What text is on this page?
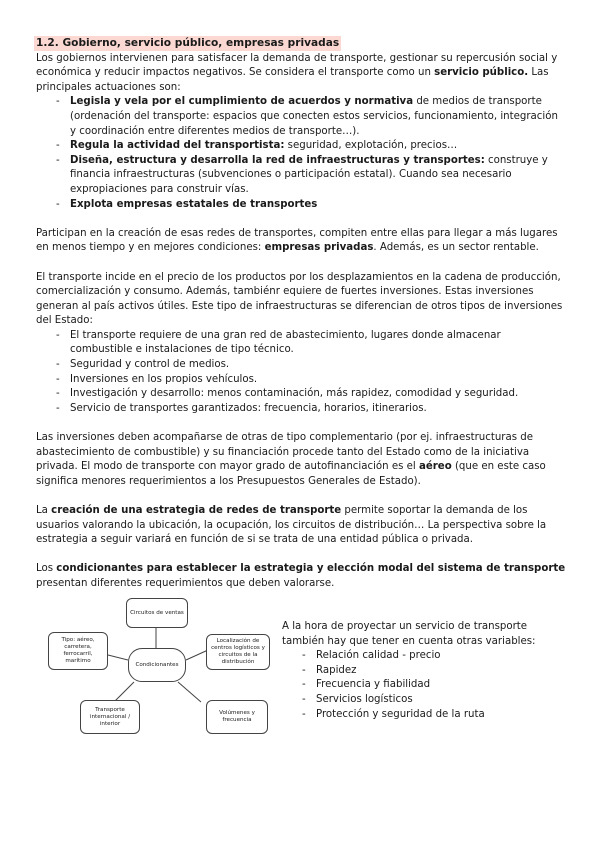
1.2. Gobierno, servicio público, empresas privadas

Los gobiernos intervienen para satisfacer la demanda de transporte, gestionar su repercusión social y económica y reducir impactos negativos. Se considera el transporte como un servicio público. Las principales actuaciones son:

- Legisla y vela por el cumplimiento de acuerdos y normativa de medios de transporte (ordenación del transporte: espacios que conecten estos servicios, funcionamiento, integración y coordinación entre diferentes medios de transporte…).
- Regula la actividad del transportista: seguridad, explotación, precios…
- Diseña, estructura y desarrolla la red de infraestructuras y transportes: construye y financia infraestructuras (subvenciones o participación estatal). Cuando sea necesario expropiaciones para construir vías.
- Explota empresas estatales de transportes

Participan en la creación de esas redes de transportes, compiten entre ellas para llegar a más lugares en menos tiempo y en mejores condiciones: empresas privadas. Además, es un sector rentable.

El transporte incide en el precio de los productos por los desplazamientos en la cadena de producción, comercialización y consumo. Además, tambiénr equiere de fuertes inversiones. Estas inversiones generan al país activos útiles. Este tipo de infraestructuras se diferencian de otros tipos de inversiones del Estado:

- El transporte requiere de una gran red de abastecimiento, lugares donde almacenar combustible e instalaciones de tipo técnico.
- Seguridad y control de medios.
- Inversiones en los propios vehículos.
- Investigación y desarrollo: menos contaminación, más rapidez, comodidad y seguridad.
- Servicio de transportes garantizados: frecuencia, horarios, itinerarios.

Las inversiones deben acompañarse de otras de tipo complementario (por ej. infraestructuras de abastecimiento de combustible) y su financiación procede tanto del Estado como de la iniciativa privada. El modo de transporte con mayor grado de autofinanciación es el aéreo (que en este caso significa menores requerimientos a los Presupuestos Generales de Estado).

La creación de una estrategia de redes de transporte permite soportar la demanda de los usuarios valorando la ubicación, la ocupación, los circuitos de distribución… La perspectiva sobre la estrategia a seguir variará en función de si se trata de una entidad pública o privada.

Los condicionantes para establecer la estrategia y elección modal del sistema de transporte presentan diferentes requerimientos que deben valorarse.

Circuitos de ventas
Tipo: aéreo, carretera, ferrocarril, marítimo
Condicionantes
Localización de centros logísticos y circuitos de la distribución
Transporte internacional / interior
Volúmenes y frecuencia

A la hora de proyectar un servicio de transporte también hay que tener en cuenta otras variables:

- Relación calidad - precio
- Rapidez
- Frecuencia y fiabilidad
- Servicios logísticos
- Protección y seguridad de la ruta
